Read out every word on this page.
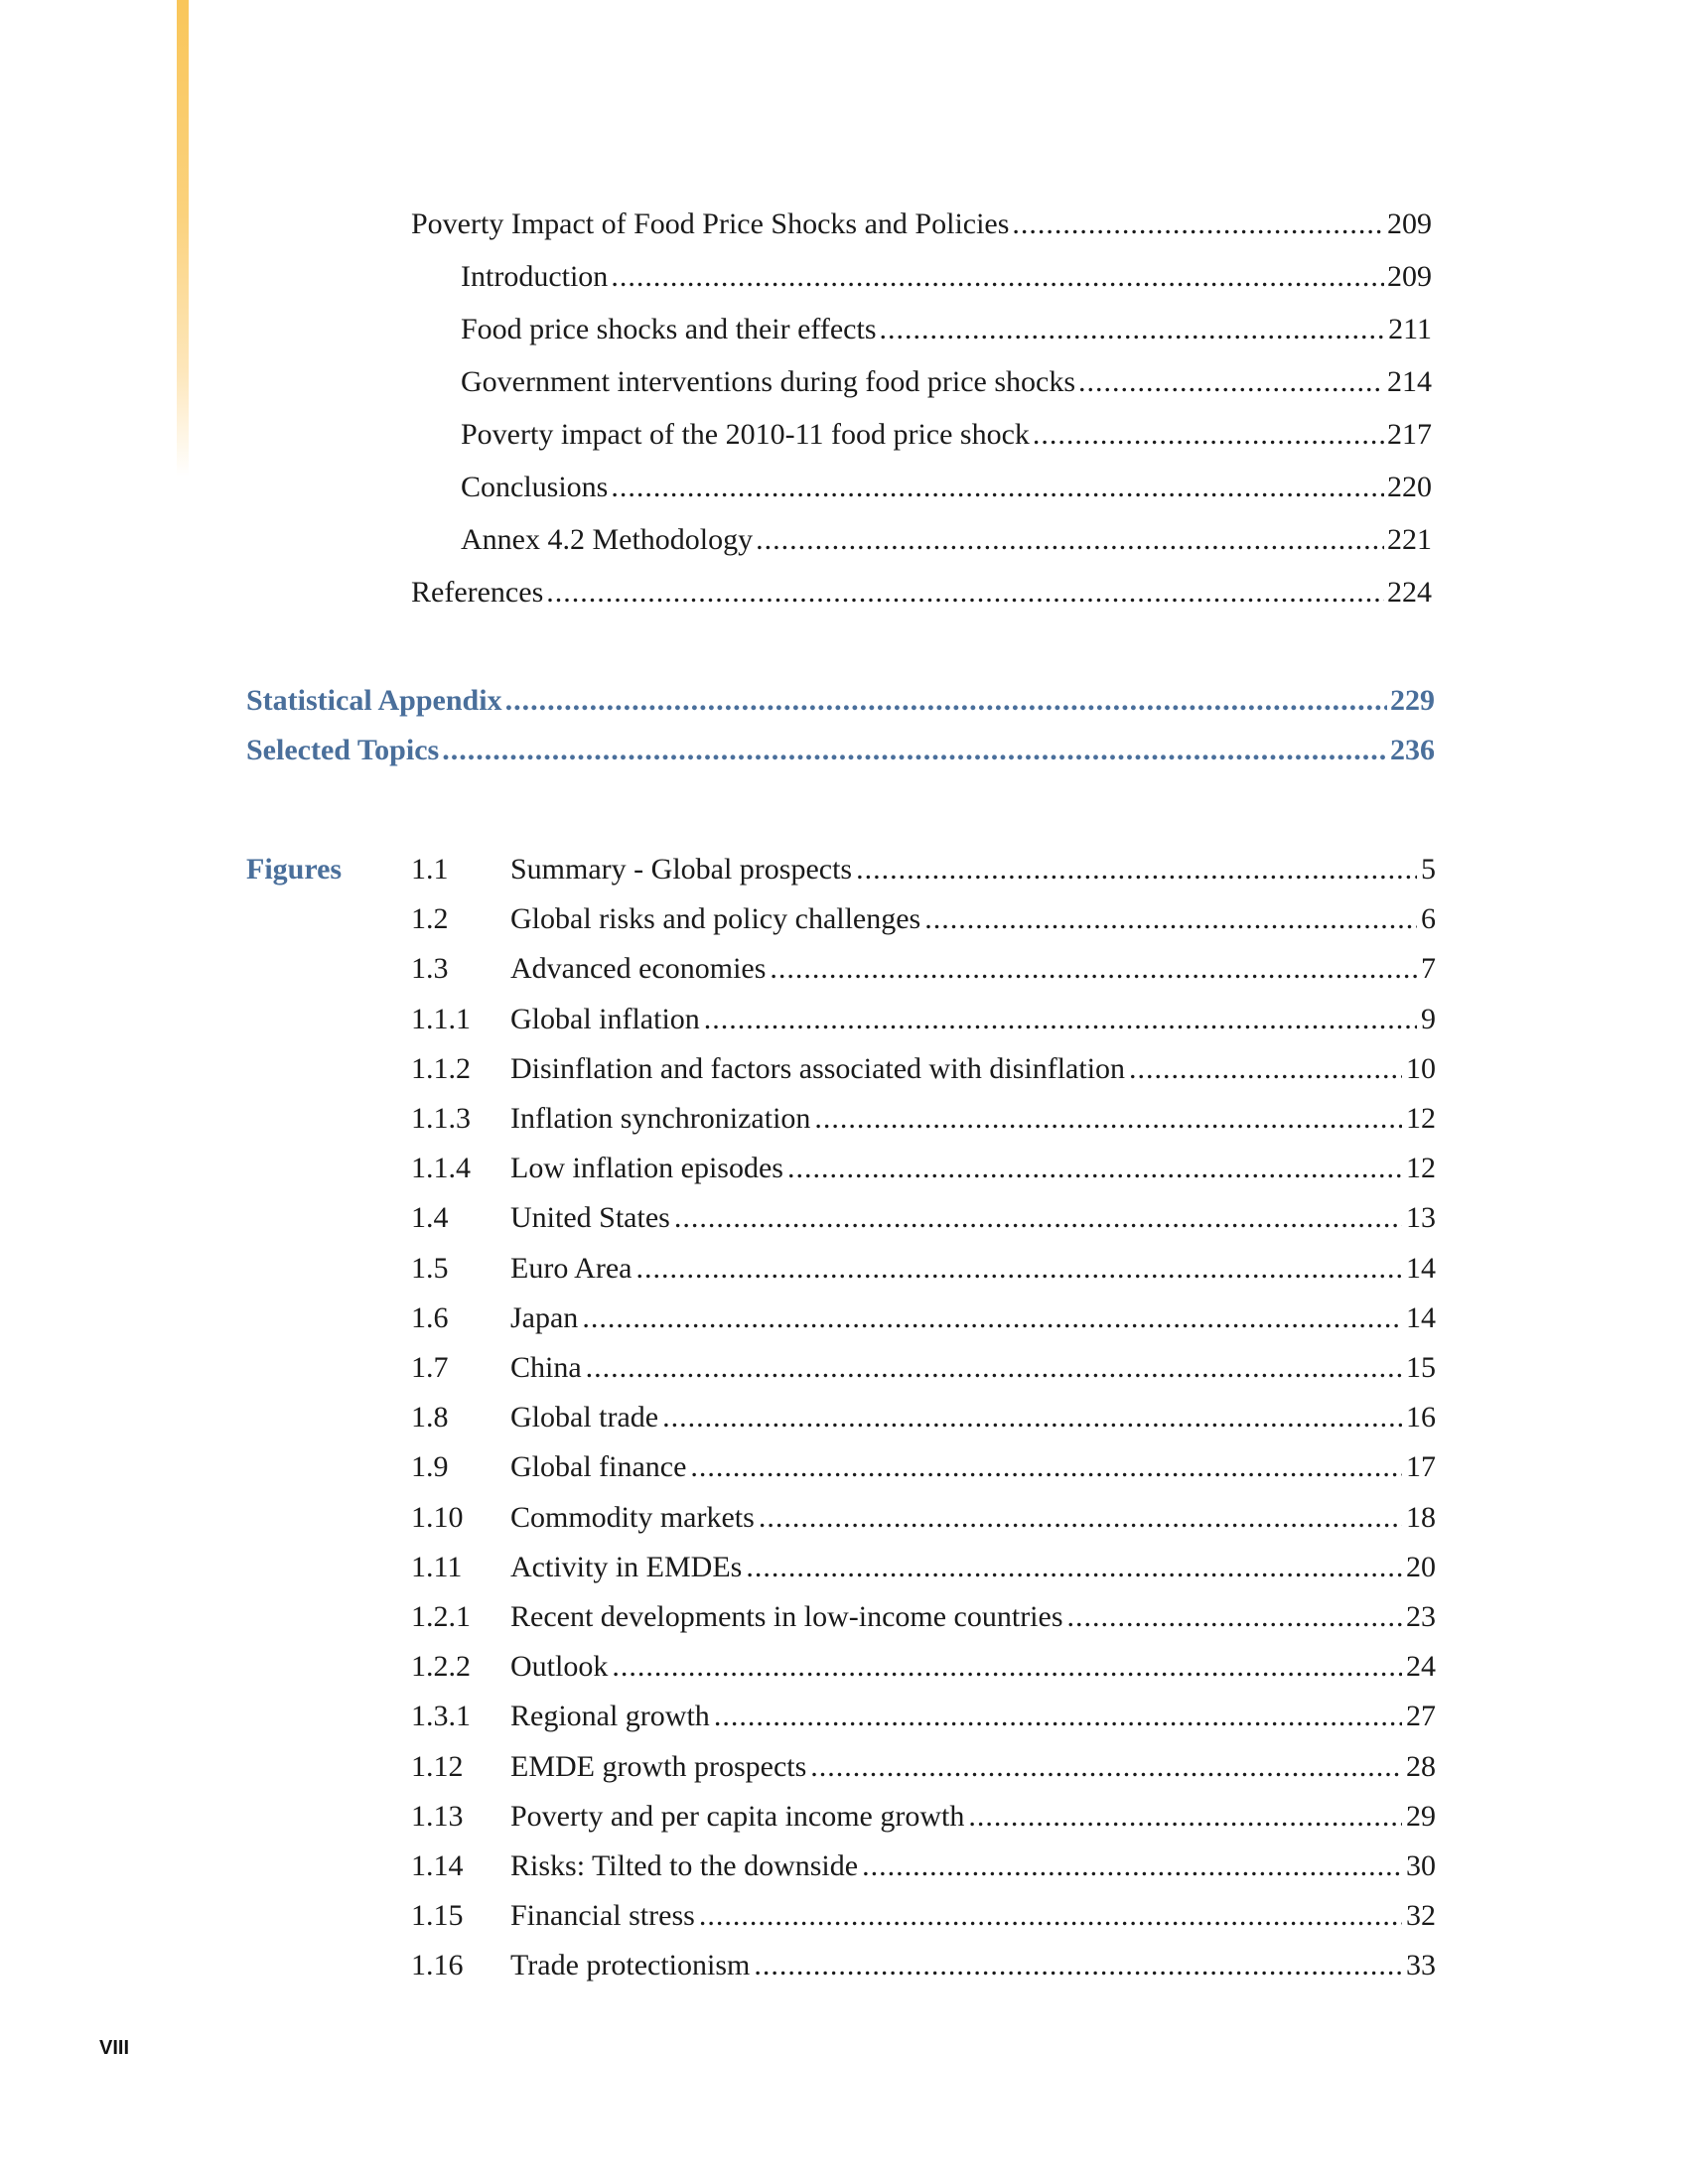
Poverty Impact of Food Price Shocks and Policies .....	209
Introduction .....	209
Food price shocks and their effects .....	211
Government interventions during food price shocks .....	214
Poverty impact of the 2010-11 food price shock .....	217
Conclusions .....	220
Annex 4.2 Methodology .....	221
References .....	224
Statistical Appendix .....	229
Selected Topics .....	236
Figures 1.1	Summary - Global prospects .....	5
1.2	Global risks and policy challenges .....	6
1.3	Advanced economies .....	7
1.1.1	Global inflation .....	9
1.1.2	Disinflation and factors associated with disinflation .....	10
1.1.3	Inflation synchronization .....	12
1.1.4	Low inflation episodes .....	12
1.4	United States .....	13
1.5	Euro Area .....	14
1.6	Japan .....	14
1.7	China .....	15
1.8	Global trade .....	16
1.9	Global finance .....	17
1.10	Commodity markets .....	18
1.11	Activity in EMDEs .....	20
1.2.1	Recent developments in low-income countries .....	23
1.2.2	Outlook .....	24
1.3.1	Regional growth .....	27
1.12	EMDE growth prospects .....	28
1.13	Poverty and per capita income growth .....	29
1.14	Risks: Tilted to the downside .....	30
1.15	Financial stress .....	32
1.16	Trade protectionism .....	33
VIII
